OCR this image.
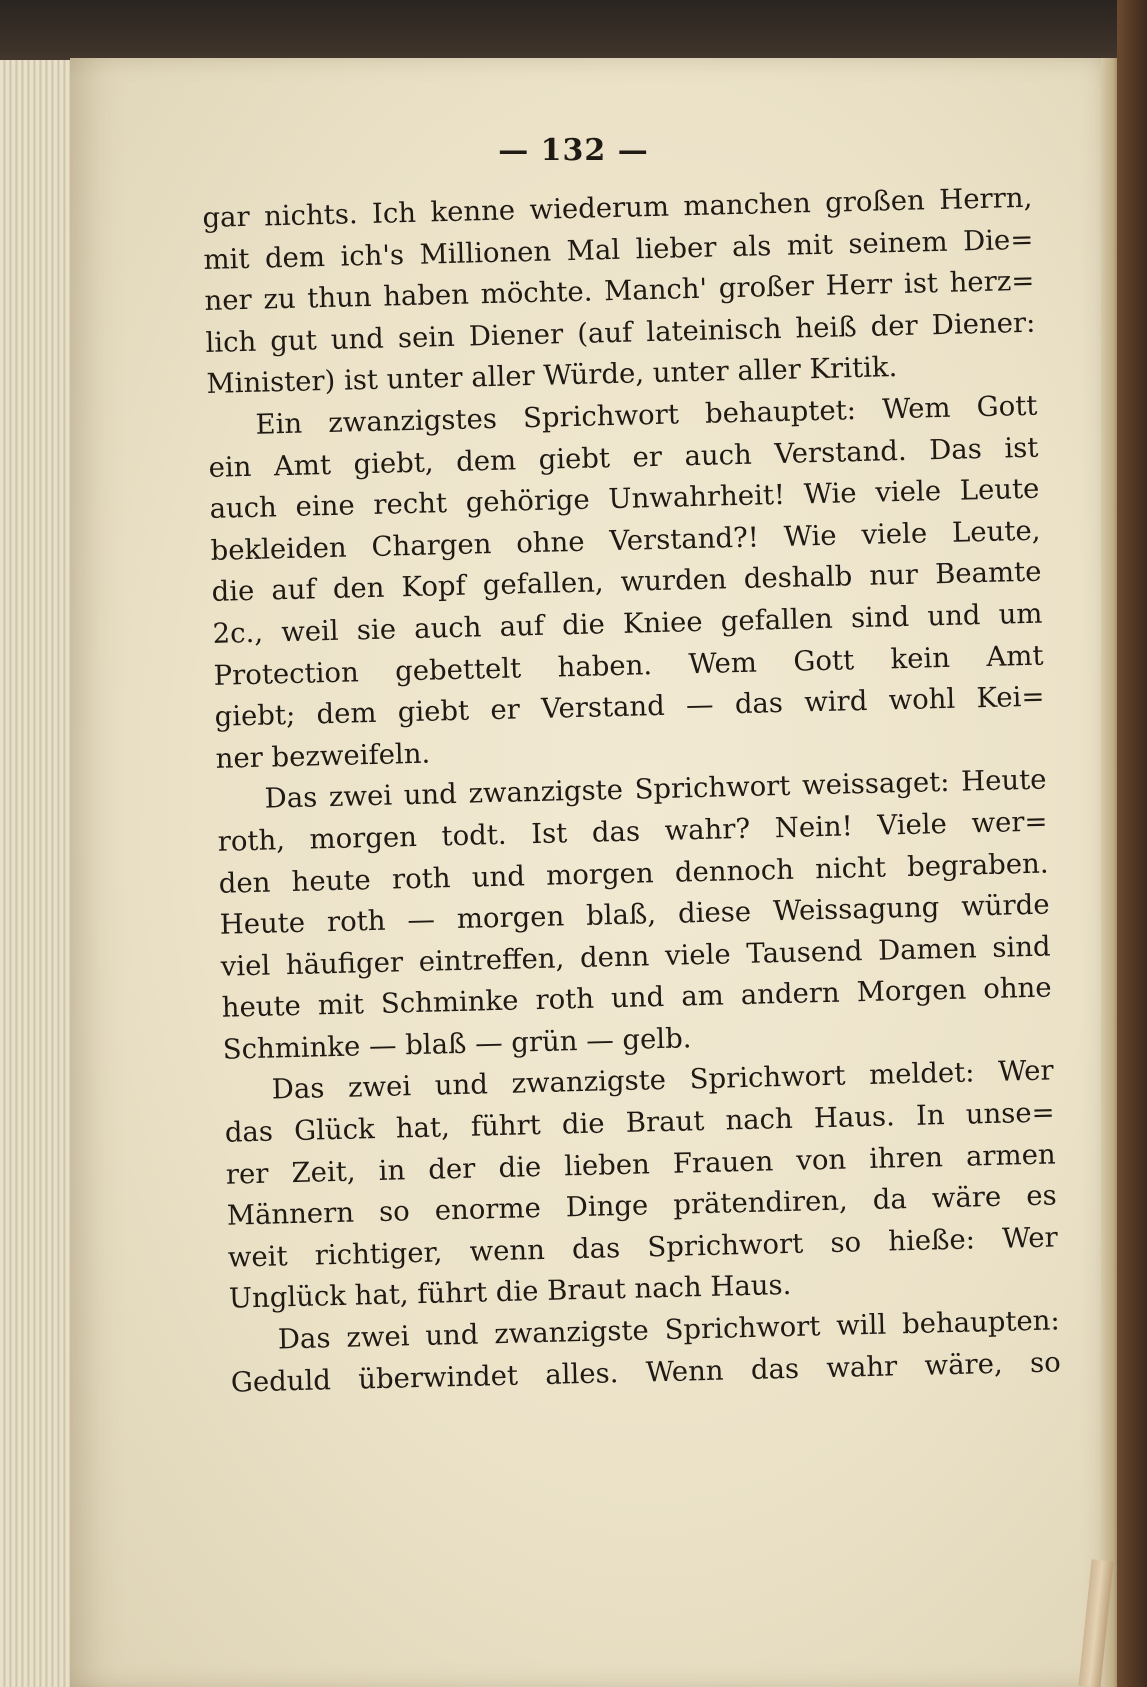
— 132 —
gar nichts. Ich kenne wiederum manchen großen Herrn,
mit dem ich's Millionen Mal lieber als mit seinem Die=
ner zu thun haben möchte. Manch' großer Herr ist herz=
lich gut und sein Diener (auf lateinisch heiß der Diener:
Minister) ist unter aller Würde, unter aller Kritik.
Ein zwanzigstes Sprichwort behauptet: Wem Gott
ein Amt giebt, dem giebt er auch Verstand. Das ist
auch eine recht gehörige Unwahrheit! Wie viele Leute
bekleiden Chargen ohne Verstand?! Wie viele Leute,
die auf den Kopf gefallen, wurden deshalb nur Beamte
2c., weil sie auch auf die Kniee gefallen sind und um
Protection gebettelt haben. Wem Gott kein Amt
giebt; dem giebt er Verstand — das wird wohl Kei=
ner bezweifeln.
Das zwei und zwanzigste Sprichwort weissaget: Heute
roth, morgen todt. Ist das wahr? Nein! Viele wer=
den heute roth und morgen dennoch nicht begraben.
Heute roth — morgen blaß, diese Weissagung würde
viel häufiger eintreffen, denn viele Tausend Damen sind
heute mit Schminke roth und am andern Morgen ohne
Schminke — blaß — grün — gelb.
Das zwei und zwanzigste Sprichwort meldet: Wer
das Glück hat, führt die Braut nach Haus. In unse=
rer Zeit, in der die lieben Frauen von ihren armen
Männern so enorme Dinge prätendiren, da wäre es
weit richtiger, wenn das Sprichwort so hieße: Wer
Unglück hat, führt die Braut nach Haus.
Das zwei und zwanzigste Sprichwort will behaupten:
Geduld überwindet alles. Wenn das wahr wäre, so
